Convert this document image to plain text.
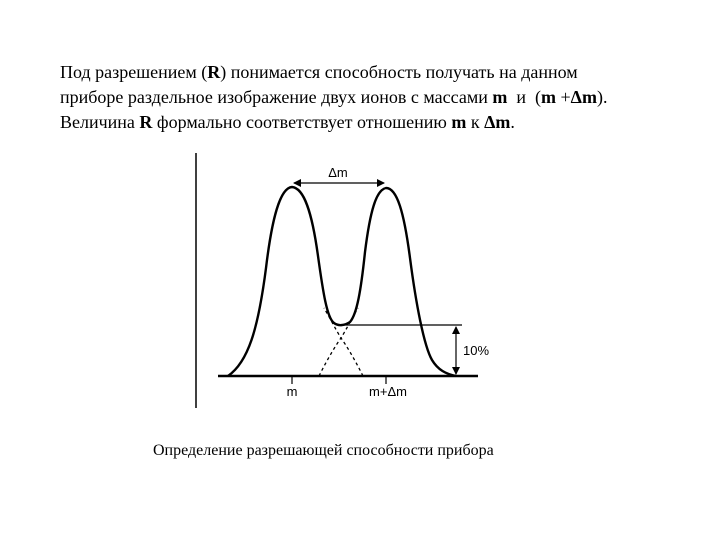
Под разрешением (R) понимается способность получать на данном
приборе раздельное изображение двух ионов с массами m  и  (m +Δm).
Величина R формально соответствует отношению m к Δm.
Δm
10%
m	m+Δm
Определение разрешающей способности прибора
